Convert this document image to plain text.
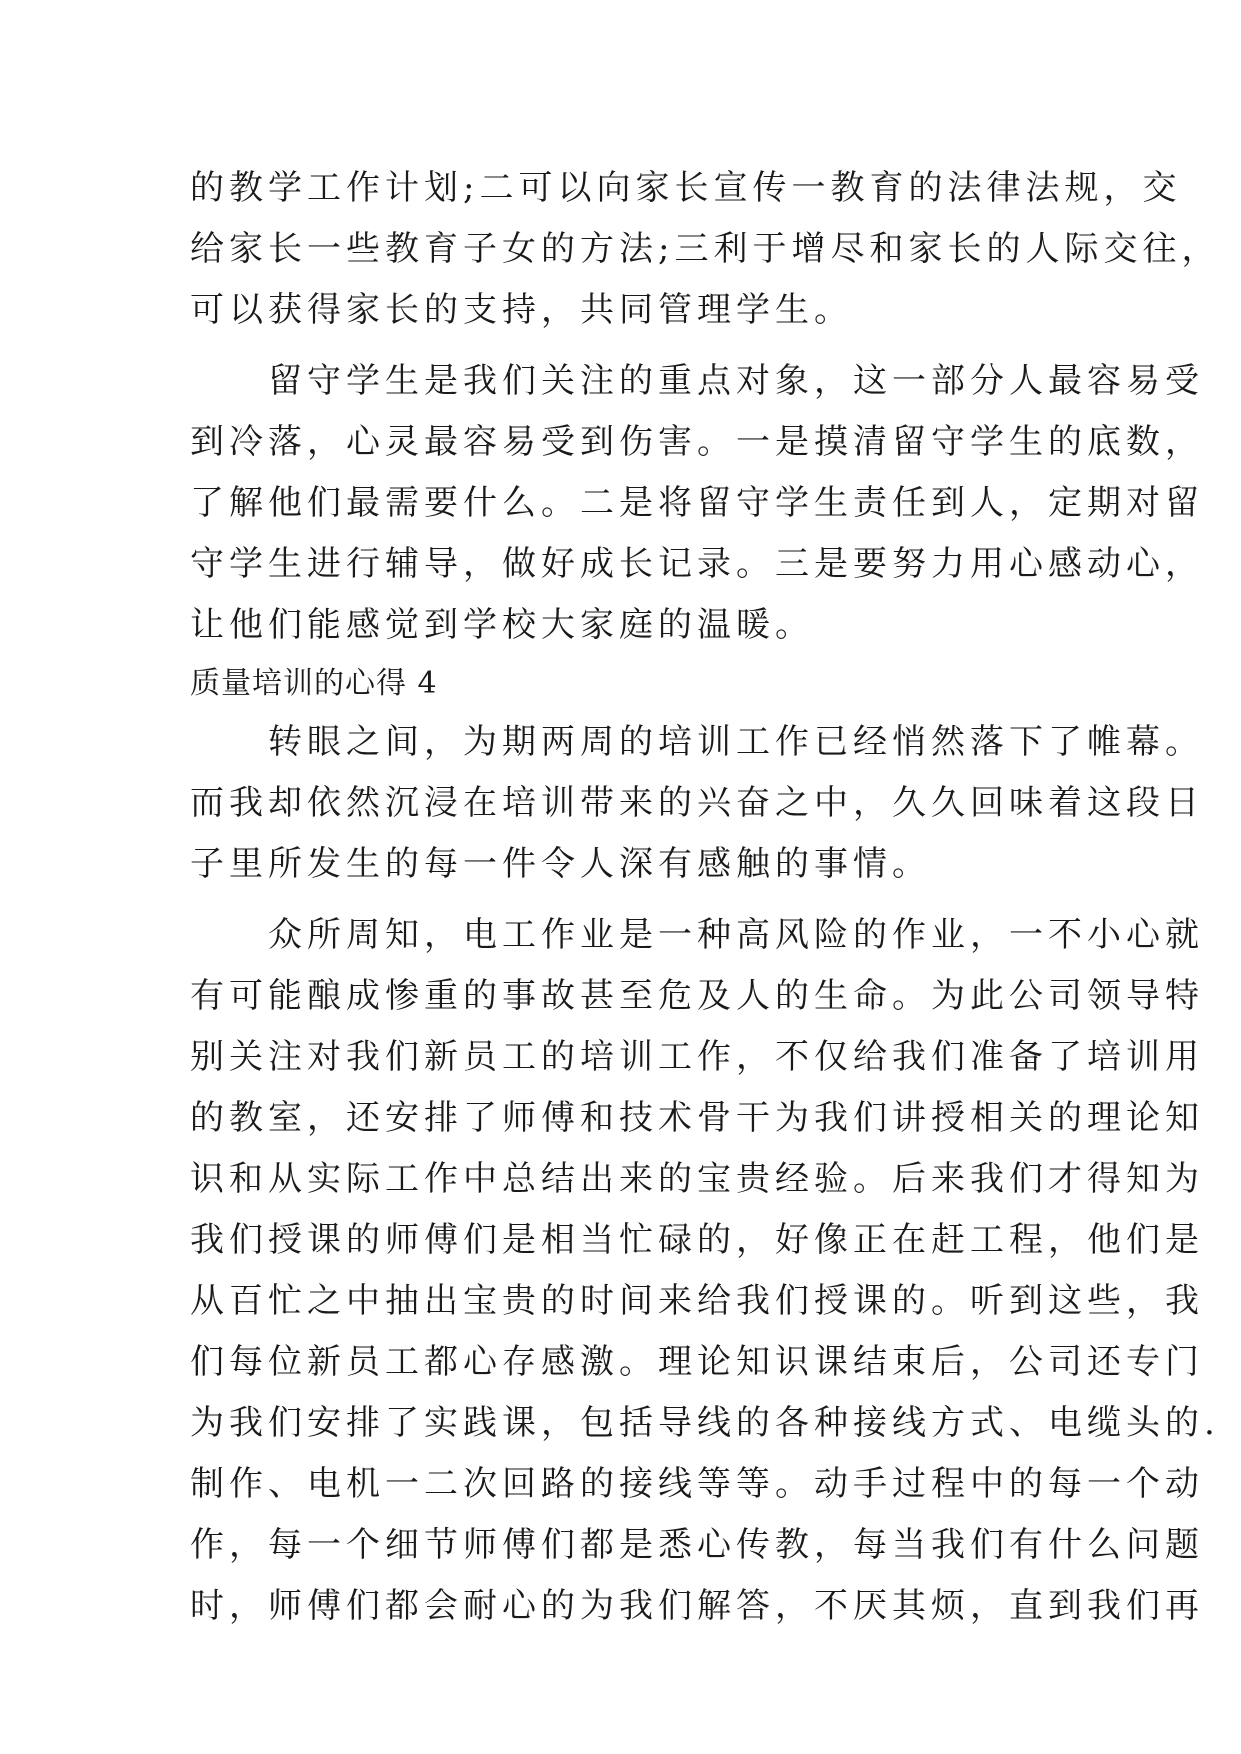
的教学工作计划;二可以向家长宣传一教育的法律法规，交
给家长一些教育子女的方法;三利于增尽和家长的人际交往，
可以获得家长的支持，共同管理学生。
　　留守学生是我们关注的重点对象，这一部分人最容易受
到冷落，心灵最容易受到伤害。一是摸清留守学生的底数，
了解他们最需要什么。二是将留守学生责任到人，定期对留
守学生进行辅导，做好成长记录。三是要努力用心感动心，
让他们能感觉到学校大家庭的温暖。
质量培训的心得 4
　　转眼之间，为期两周的培训工作已经悄然落下了帷幕。
而我却依然沉浸在培训带来的兴奋之中，久久回味着这段日
子里所发生的每一件令人深有感触的事情。
　　众所周知，电工作业是一种高风险的作业，一不小心就
有可能酿成惨重的事故甚至危及人的生命。为此公司领导特
别关注对我们新员工的培训工作，不仅给我们准备了培训用
的教室，还安排了师傅和技术骨干为我们讲授相关的理论知
识和从实际工作中总结出来的宝贵经验。后来我们才得知为
我们授课的师傅们是相当忙碌的，好像正在赶工程，他们是
从百忙之中抽出宝贵的时间来给我们授课的。听到这些，我
们每位新员工都心存感激。理论知识课结束后，公司还专门
为我们安排了实践课，包括导线的各种接线方式、电缆头的.
制作、电机一二次回路的接线等等。动手过程中的每一个动
作，每一个细节师傅们都是悉心传教，每当我们有什么问题
时，师傅们都会耐心的为我们解答，不厌其烦，直到我们再
